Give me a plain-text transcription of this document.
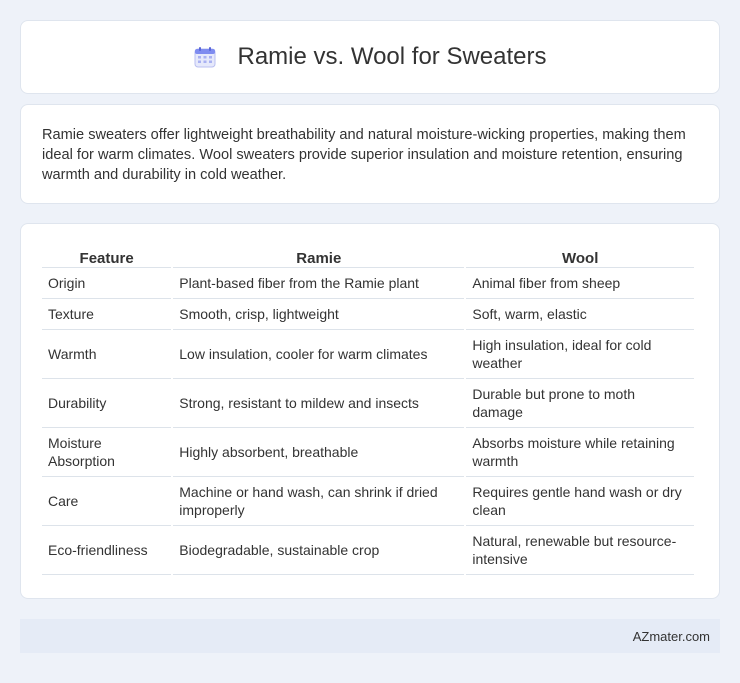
Ramie vs. Wool for Sweaters

Ramie sweaters offer lightweight breathability and natural moisture-wicking properties, making them ideal for warm climates. Wool sweaters provide superior insulation and moisture retention, ensuring warmth and durability in cold weather.

Feature	Ramie	Wool
Origin	Plant-based fiber from the Ramie plant	Animal fiber from sheep
Texture	Smooth, crisp, lightweight	Soft, warm, elastic
Warmth	Low insulation, cooler for warm climates	High insulation, ideal for cold weather
Durability	Strong, resistant to mildew and insects	Durable but prone to moth damage
Moisture Absorption	Highly absorbent, breathable	Absorbs moisture while retaining warmth
Care	Machine or hand wash, can shrink if dried improperly	Requires gentle hand wash or dry clean
Eco-friendliness	Biodegradable, sustainable crop	Natural, renewable but resource-intensive
AZmater.com
